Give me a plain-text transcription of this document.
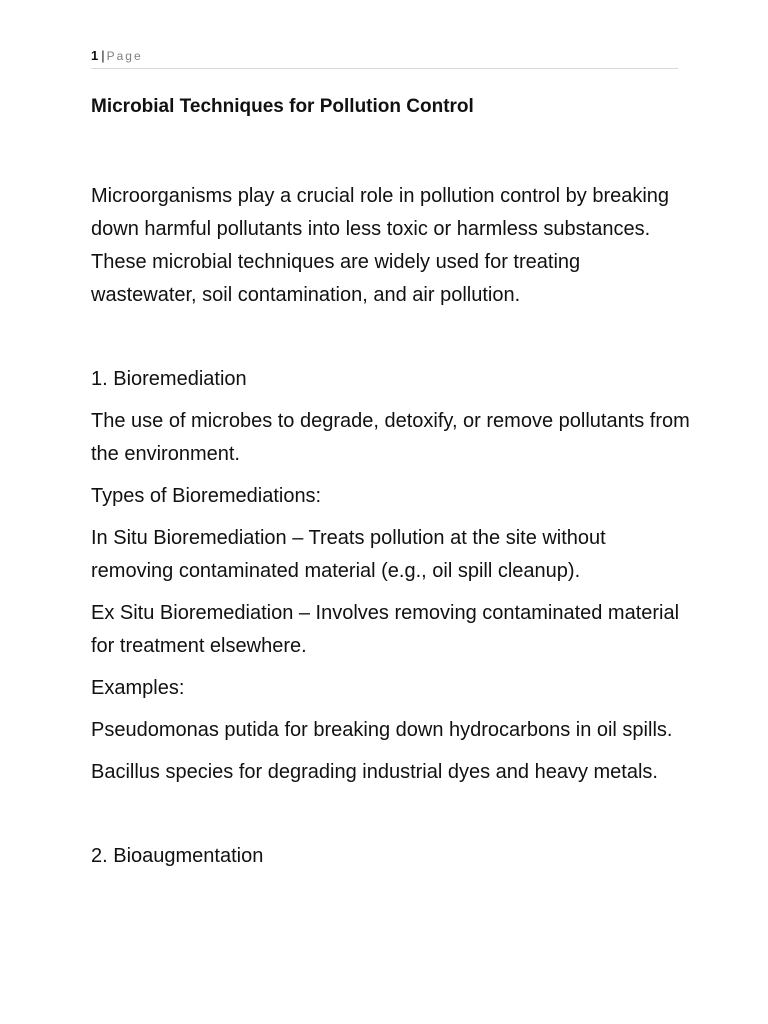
1 | Page
Microbial Techniques for Pollution Control

Microorganisms play a crucial role in pollution control by breaking down harmful pollutants into less toxic or harmless substances. These microbial techniques are widely used for treating wastewater, soil contamination, and air pollution.

1. Bioremediation

The use of microbes to degrade, detoxify, or remove pollutants from the environment.

Types of Bioremediations:

In Situ Bioremediation – Treats pollution at the site without removing contaminated material (e.g., oil spill cleanup).

Ex Situ Bioremediation – Involves removing contaminated material for treatment elsewhere.

Examples:

Pseudomonas putida for breaking down hydrocarbons in oil spills.

Bacillus species for degrading industrial dyes and heavy metals.

2. Bioaugmentation
